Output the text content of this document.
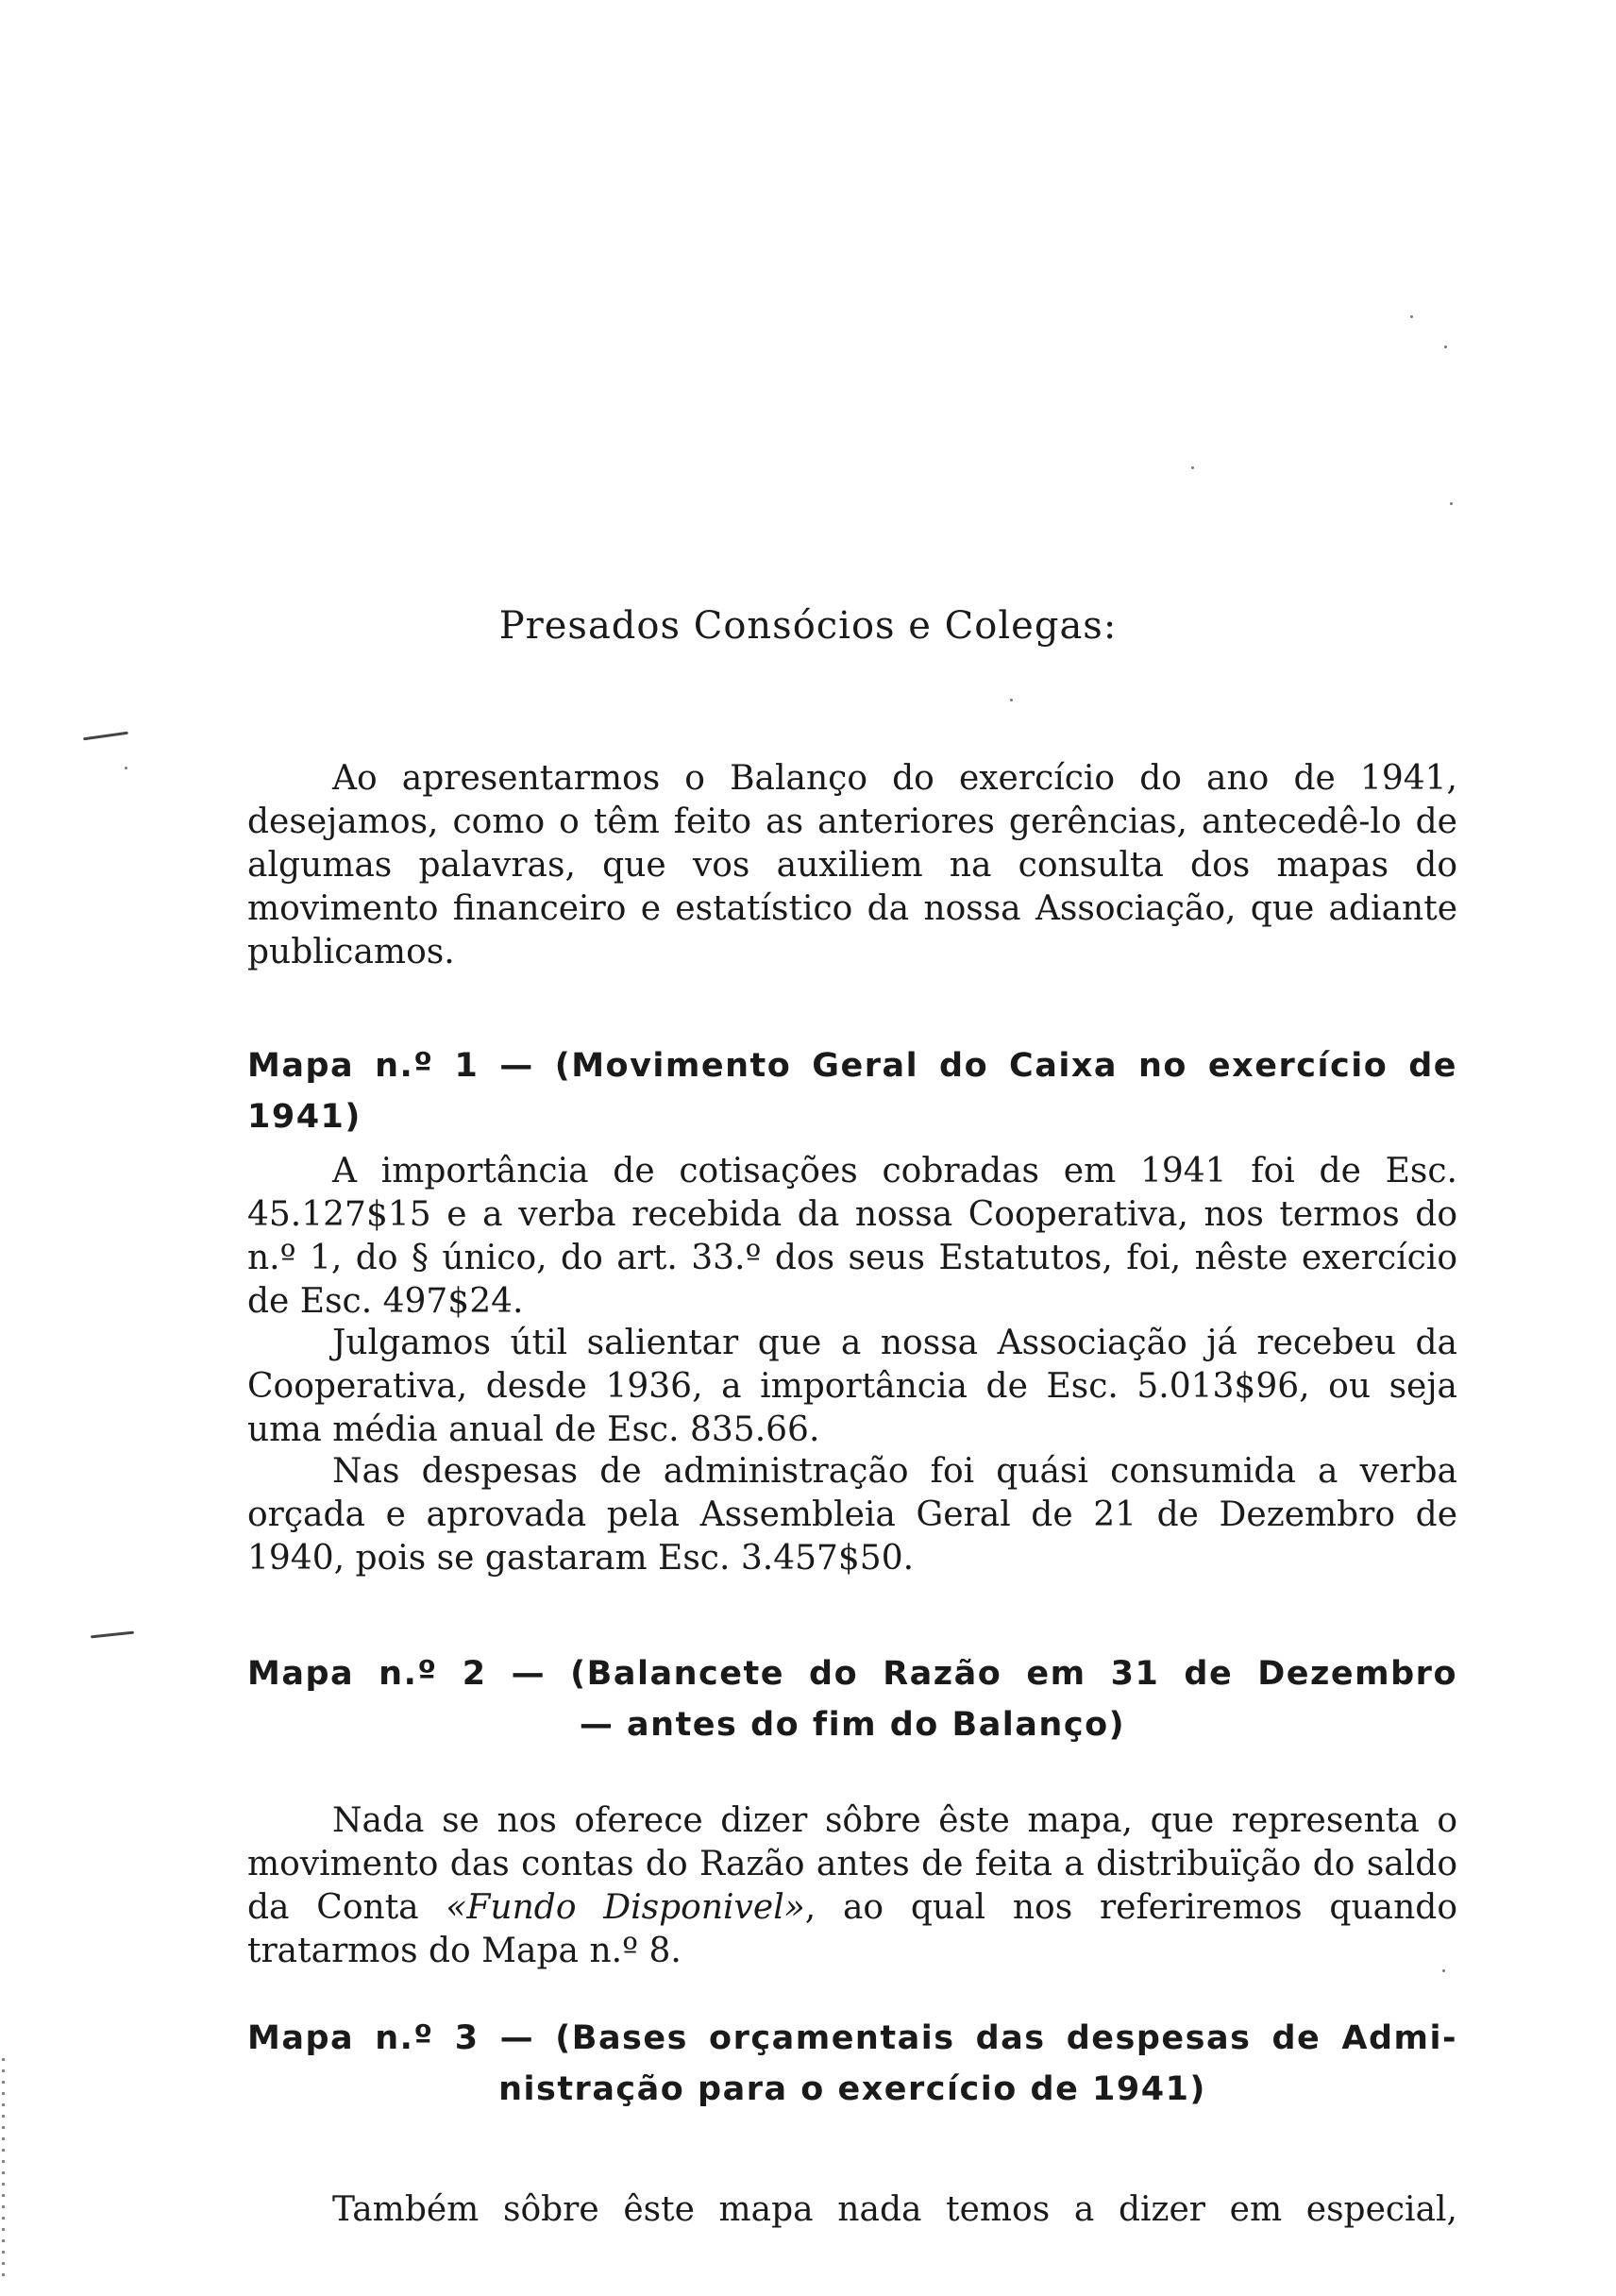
Presados Consócios e Colegas:

Ao apresentarmos o Balanço do exercício do ano de 1941, desejamos, como o têm feito as anteriores gerências, antecedê-lo de algumas palavras, que vos auxiliem na consulta dos mapas do movimento financeiro e estatístico da nossa Associação, que adiante publicamos.

Mapa n.º 1 — (Movimento Geral do Caixa no exercício de 1941)

A importância de cotisações cobradas em 1941 foi de Esc. 45.127$15 e a verba recebida da nossa Cooperativa, nos termos do n.º 1, do § único, do art. 33.º dos seus Estatutos, foi, nêste exercício de Esc. 497$24.

Julgamos útil salientar que a nossa Associação já recebeu da Cooperativa, desde 1936, a importância de Esc. 5.013$96, ou seja uma média anual de Esc. 835.66.

Nas despesas de administração foi quási consumida a verba orçada e aprovada pela Assembleia Geral de 21 de Dezembro de 1940, pois se gastaram Esc. 3.457$50.

Mapa n.º 2 — (Balancete do Razão em 31 de Dezembro
— antes do fim do Balanço)

Nada se nos oferece dizer sôbre êste mapa, que representa o movimento das contas do Razão antes de feita a distribuïção do saldo da Conta «Fundo Disponivel», ao qual nos referiremos quando tratarmos do Mapa n.º 8.

Mapa n.º 3 — (Bases orçamentais das despesas de Admi-
nistração para o exercício de 1941)

Também sôbre êste mapa nada temos a dizer em especial,
